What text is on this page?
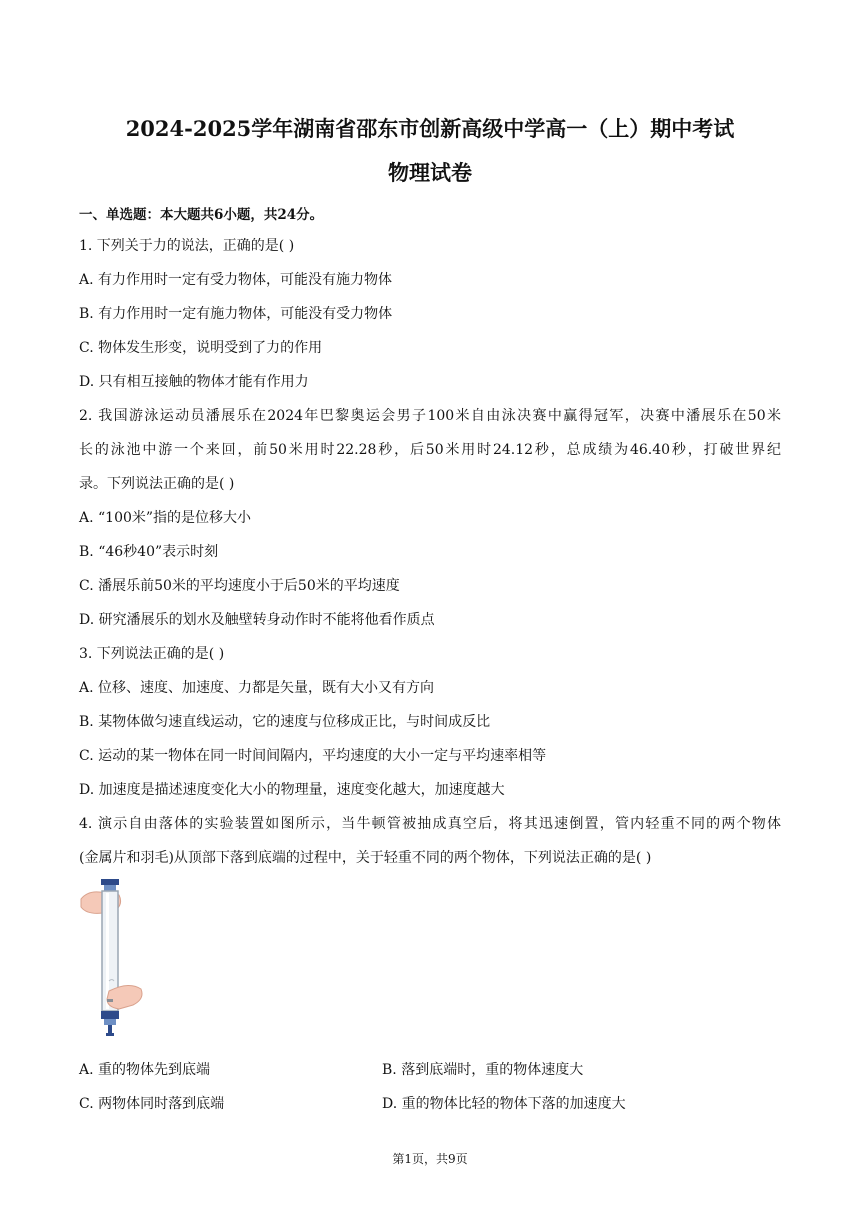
2024-2025学年湖南省邵东市创新高级中学高一（上）期中考试
物理试卷
一、单选题：本大题共6小题，共24分。

1. 下列关于力的说法，正确的是( )

A. 有力作用时一定有受力物体，可能没有施力物体

B. 有力作用时一定有施力物体，可能没有受力物体

C. 物体发生形变，说明受到了力的作用

D. 只有相互接触的物体才能有作用力

2. 我国游泳运动员潘展乐在2024年巴黎奥运会男子100米自由泳决赛中赢得冠军，决赛中潘展乐在50米

长的泳池中游一个来回，前50米用时22.28秒，后50米用时24.12秒，总成绩为46.40秒，打破世界纪

录。下列说法正确的是( )

A. “100米”指的是位移大小

B. “46秒40”表示时刻

C. 潘展乐前50米的平均速度小于后50米的平均速度

D. 研究潘展乐的划水及触壁转身动作时不能将他看作质点

3. 下列说法正确的是( )

A. 位移、速度、加速度、力都是矢量，既有大小又有方向

B. 某物体做匀速直线运动，它的速度与位移成正比，与时间成反比

C. 运动的某一物体在同一时间间隔内，平均速度的大小一定与平均速率相等

D. 加速度是描述速度变化大小的物理量，速度变化越大，加速度越大

4. 演示自由落体的实验装置如图所示，当牛顿管被抽成真空后，将其迅速倒置，管内轻重不同的两个物体

(金属片和羽毛)从顶部下落到底端的过程中，关于轻重不同的两个物体，下列说法正确的是( )

A. 重的物体先到底端	B. 落到底端时，重的物体速度大
C. 两物体同时落到底端	D. 重的物体比轻的物体下落的加速度大
第1页，共9页
